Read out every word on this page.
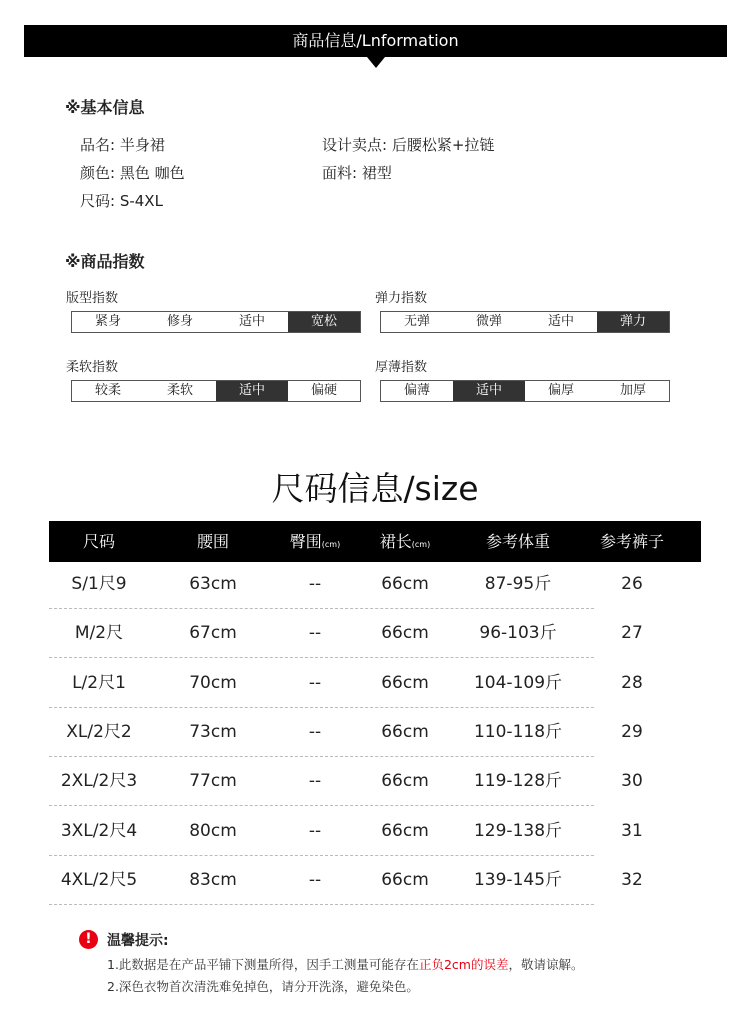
商品信息/Lnformation
※基本信息
品名: 半身裙
颜色: 黑色 咖色
尺码: S-4XL
设计卖点: 后腰松紧+拉链
面料: 裙型
※商品指数
版型指数
紧身	修身	适中	宽松
弹力指数
无弹	微弹	适中	弹力
柔软指数
较柔	柔软	适中	偏硬
厚薄指数
偏薄	适中	偏厚	加厚
尺码信息/size
尺码	腰围	臀围(cm)	裙长(cm)	参考体重	参考裤子
S/1尺9	63cm	--	66cm	87-95斤	26
M/2尺	67cm	--	66cm	96-103斤	27
L/2尺1	70cm	--	66cm	104-109斤	28
XL/2尺2	73cm	--	66cm	110-118斤	29
2XL/2尺3	77cm	--	66cm	119-128斤	30
3XL/2尺4	80cm	--	66cm	129-138斤	31
4XL/2尺5	83cm	--	66cm	139-145斤	32
!	温馨提示:
1.此数据是在产品平铺下测量所得，因手工测量可能存在正负2cm的误差，敬请谅解。
2.深色衣物首次清洗难免掉色，请分开洗涤，避免染色。
